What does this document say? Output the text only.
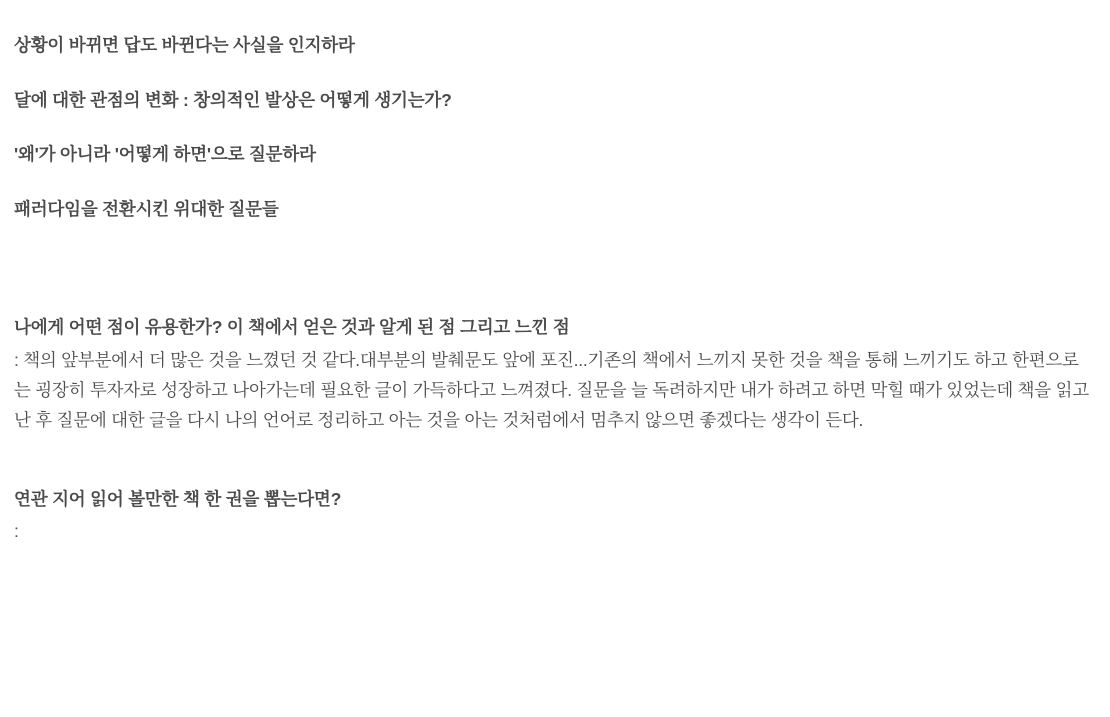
상황이 바뀌면 답도 바뀐다는 사실을 인지하라
달에 대한 관점의 변화 : 창의적인 발상은 어떻게 생기는가?
'왜'가 아니라 '어떻게 하면'으로 질문하라
패러다임을 전환시킨 위대한 질문들

나에게 어떤 점이 유용한가? 이 책에서 얻은 것과 알게 된 점 그리고 느낀 점

: 책의 앞부분에서 더 많은 것을 느꼈던 것 같다.대부분의 발췌문도 앞에 포진...기존의 책에서 느끼지 못한 것을 책을 통해 느끼기도 하고 한편으로는 굉장히 투자자로 성장하고 나아가는데 필요한 글이 가득하다고 느껴졌다. 질문을 늘 독려하지만 내가 하려고 하면 막힐 때가 있었는데 책을 읽고난 후 질문에 대한 글을 다시 나의 언어로 정리하고 아는 것을 아는 것처럼에서 멈추지 않으면 좋겠다는 생각이 든다.

연관 지어 읽어 볼만한 책 한 권을 뽑는다면?

:
